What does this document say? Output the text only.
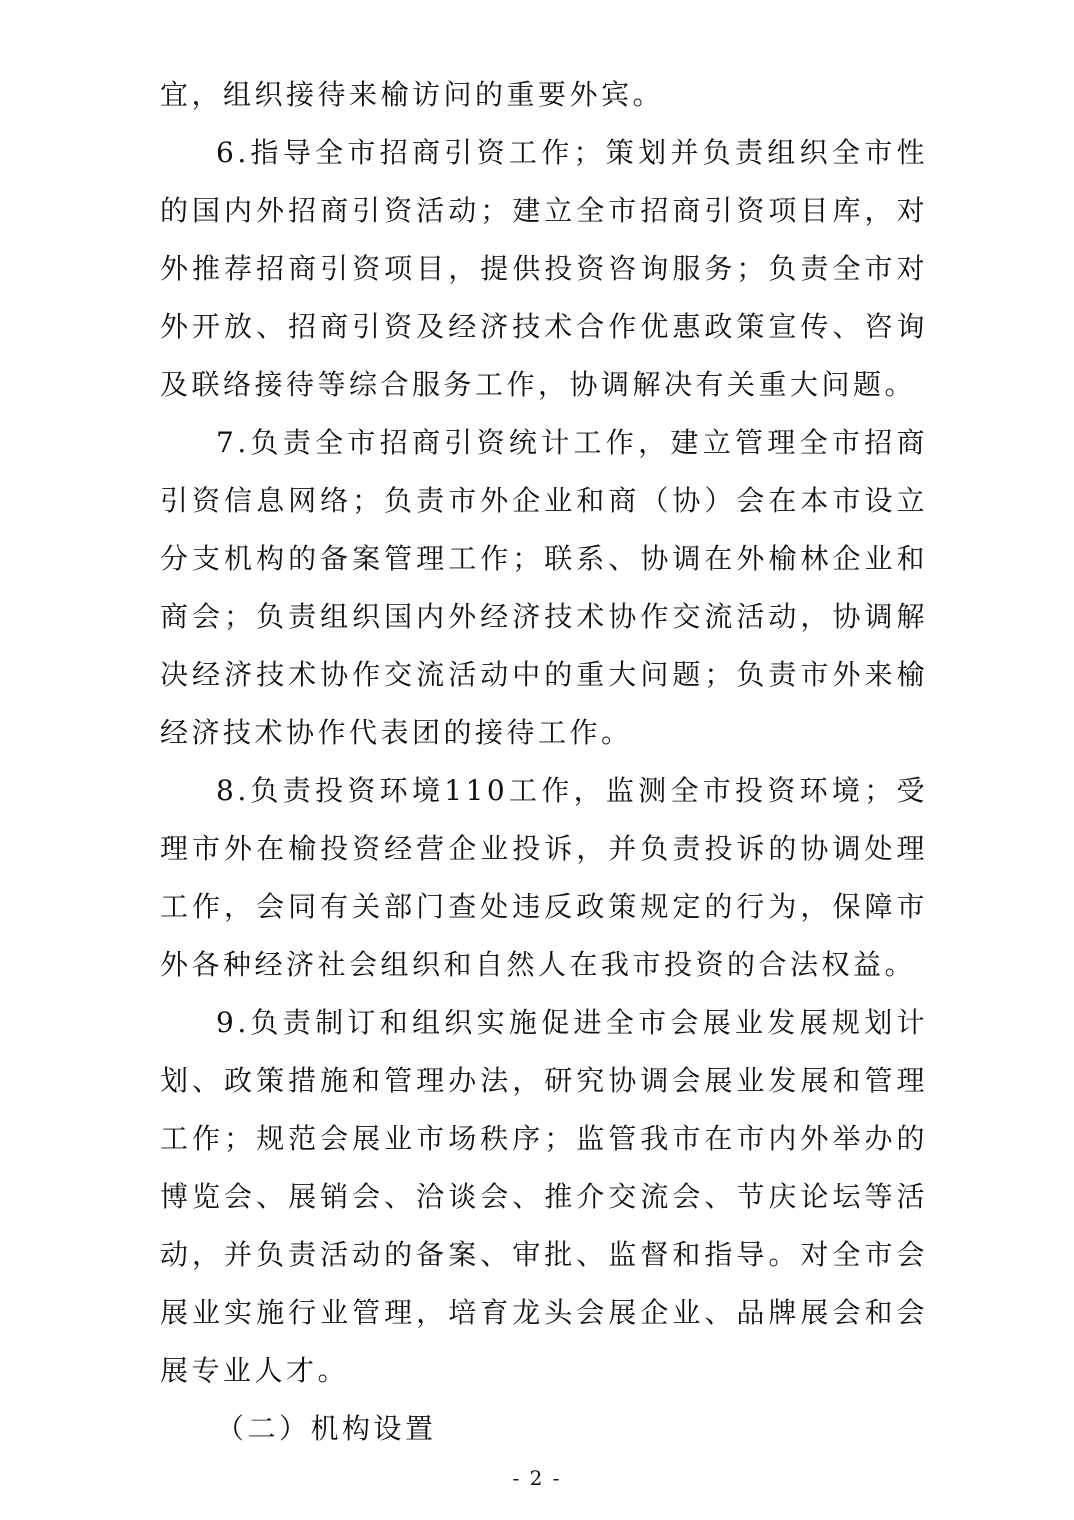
宜，组织接待来榆访问的重要外宾。

6.指导全市招商引资工作；策划并负责组织全市性的国内外招商引资活动；建立全市招商引资项目库，对外推荐招商引资项目，提供投资咨询服务；负责全市对外开放、招商引资及经济技术合作优惠政策宣传、咨询及联络接待等综合服务工作，协调解决有关重大问题。

7.负责全市招商引资统计工作，建立管理全市招商引资信息网络；负责市外企业和商（协）会在本市设立分支机构的备案管理工作；联系、协调在外榆林企业和商会；负责组织国内外经济技术协作交流活动，协调解决经济技术协作交流活动中的重大问题；负责市外来榆经济技术协作代表团的接待工作。

8.负责投资环境110工作，监测全市投资环境；受理市外在榆投资经营企业投诉，并负责投诉的协调处理工作，会同有关部门查处违反政策规定的行为，保障市外各种经济社会组织和自然人在我市投资的合法权益。

9.负责制订和组织实施促进全市会展业发展规划计划、政策措施和管理办法，研究协调会展业发展和管理工作；规范会展业市场秩序；监管我市在市内外举办的博览会、展销会、洽谈会、推介交流会、节庆论坛等活动，并负责活动的备案、审批、监督和指导。对全市会展业实施行业管理，培育龙头会展企业、品牌展会和会展专业人才。

（二）机构设置

- 2 -
